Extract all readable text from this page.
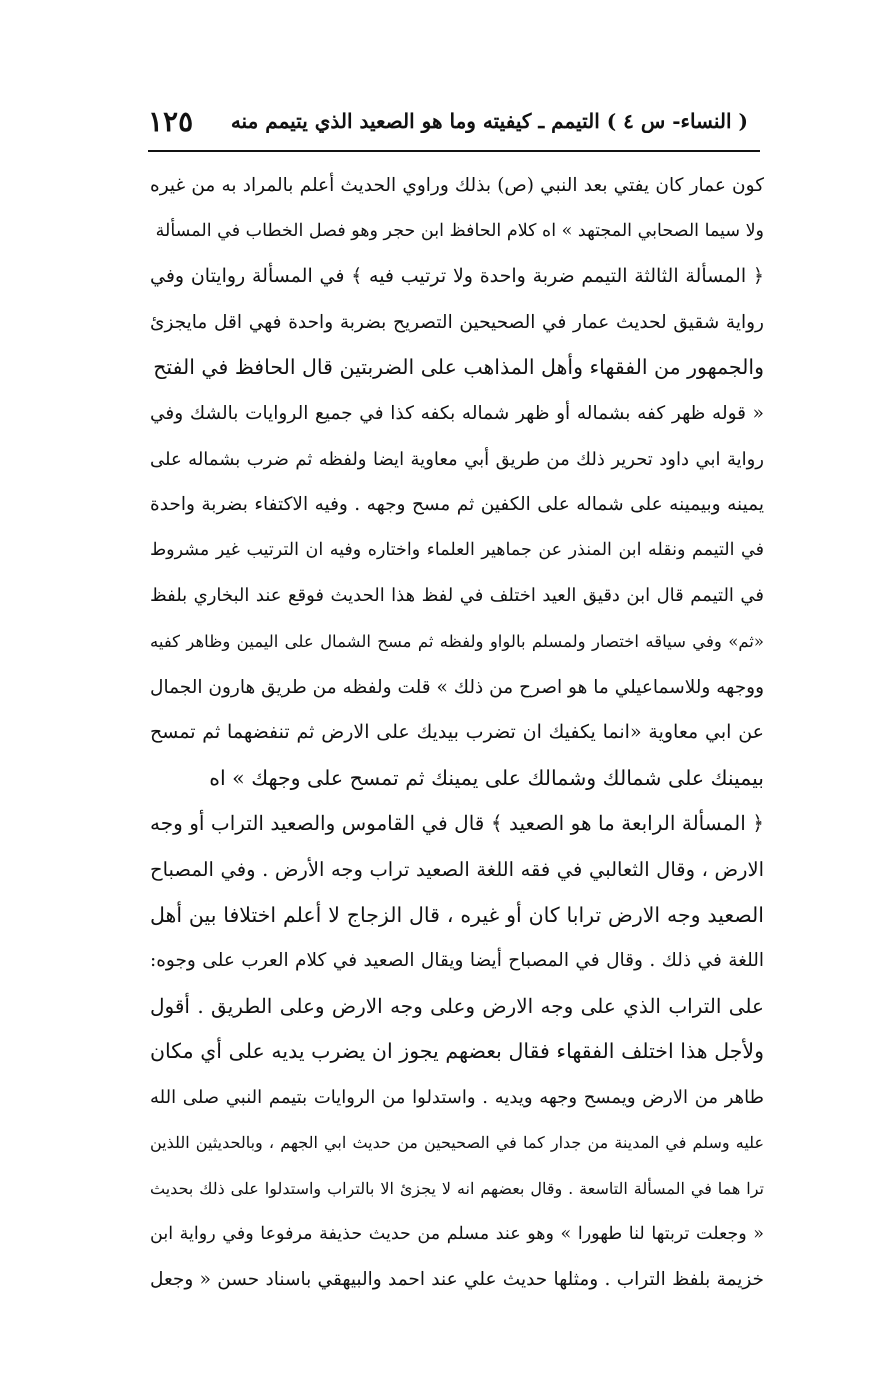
( النساء- س ٤ ) التيمم ـ كيفيته وما هو الصعيد الذي يتيمم منه
١٢٥
كون عمار كان يفتي بعد النبي (ص) بذلك وراوي الحديث أعلم بالمراد به من غيره
ولا سيما الصحابي المجتهد » اه كلام الحافظ ابن حجر وهو فصل الخطاب في المسألة
﴿ المسألة الثالثة التيمم ضربة واحدة ولا ترتيب فيه ﴾ في المسألة روايتان وفي
رواية شقيق لحديث عمار في الصحيحين التصريح بضربة واحدة فهي اقل مايجزئ
والجمهور من الفقهاء وأهل المذاهب على الضربتين قال الحافظ في الفتح
« قوله ظهر كفه بشماله أو ظهر شماله بكفه كذا في جميع الروايات بالشك وفي
رواية ابي داود تحرير ذلك من طريق أبي معاوية ايضا ولفظه ثم ضرب بشماله على
يمينه وبيمينه على شماله على الكفين ثم مسح وجهه . وفيه الاكتفاء بضربة واحدة
في التيمم ونقله ابن المنذر عن جماهير العلماء واختاره وفيه ان الترتيب غير مشروط
في التيمم قال ابن دقيق العيد اختلف في لفظ هذا الحديث فوقع عند البخاري بلفظ
«ثم» وفي سياقه اختصار ولمسلم بالواو ولفظه ثم مسح الشمال على اليمين وظاهر كفيه
ووجهه وللاسماعيلي ما هو اصرح من ذلك » قلت ولفظه من طريق هارون الجمال
عن ابي معاوية «انما يكفيك ان تضرب بيديك على الارض ثم تنفضهما ثم تمسح
بيمينك على شمالك وشمالك على يمينك ثم تمسح على وجهك » اه
﴿ المسألة الرابعة ما هو الصعيد ﴾ قال في القاموس والصعيد التراب أو وجه
الارض ، وقال الثعالبي في فقه اللغة الصعيد تراب وجه الأرض . وفي المصباح
الصعيد وجه الارض ترابا كان أو غيره ، قال الزجاج لا أعلم اختلافا بين أهل
اللغة في ذلك . وقال في المصباح أيضا ويقال الصعيد في كلام العرب على وجوه:
على التراب الذي على وجه الارض وعلى وجه الارض وعلى الطريق . أقول
ولأجل هذا اختلف الفقهاء فقال بعضهم يجوز ان يضرب يديه على أي مكان
طاهر من الارض ويمسح وجهه ويديه . واستدلوا من الروايات بتيمم النبي صلى الله
عليه وسلم في المدينة من جدار كما في الصحيحين من حديث ابي الجهم ، وبالحديثين اللذين
ترا هما في المسألة التاسعة . وقال بعضهم انه لا يجزئ الا بالتراب واستدلوا على ذلك بحديث
« وجعلت تربتها لنا طهورا » وهو عند مسلم من حديث حذيفة مرفوعا وفي رواية ابن
خزيمة بلفظ التراب . ومثلها حديث علي عند احمد والبيهقي باسناد حسن « وجعل
